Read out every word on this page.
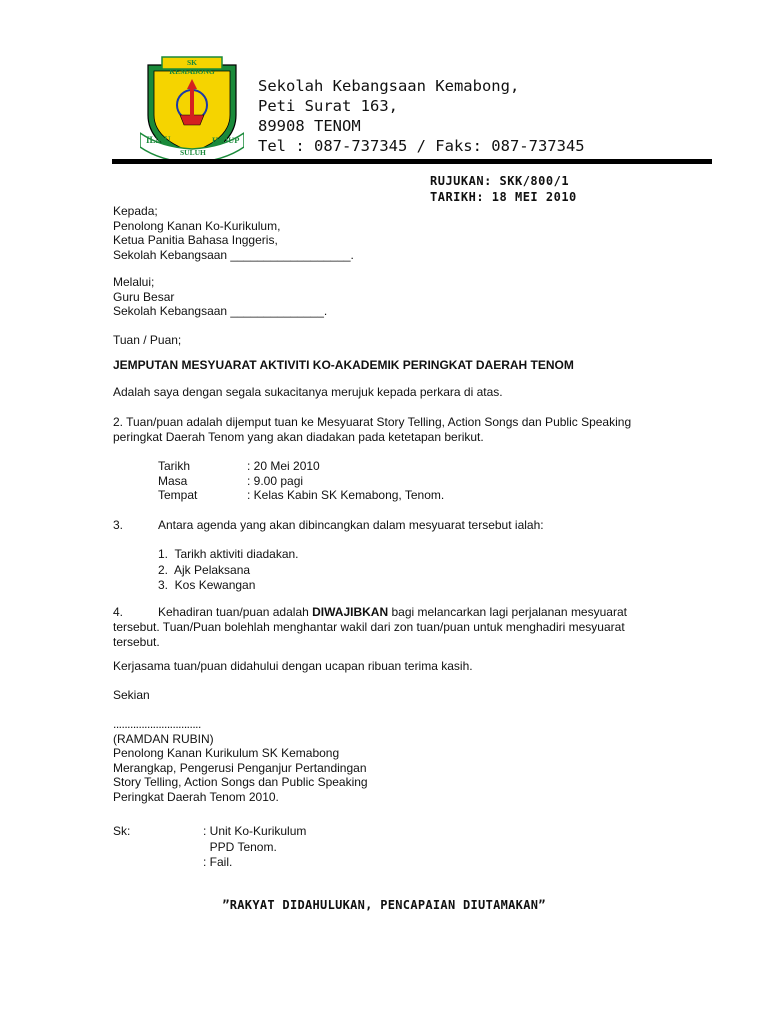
SK KEMABONG
ILMU
SULUH
HIDUP
Sekolah Kebangsaan Kemabong,
Peti Surat 163,
89908 TENOM
Tel : 087-737345 / Faks: 087-737345
RUJUKAN: SKK/800/1
TARIKH: 18 MEI 2010
Kepada;
Penolong Kanan Ko-Kurikulum,
Ketua Panitia Bahasa Inggeris,
Sekolah Kebangsaan __________________.
Melalui;
Guru Besar
Sekolah Kebangsaan ______________.
Tuan / Puan;
JEMPUTAN MESYUARAT AKTIVITI KO-AKADEMIK PERINGKAT DAERAH TENOM
Adalah saya dengan segala sukacitanya merujuk kepada perkara di atas.
2. Tuan/puan adalah dijemput tuan ke Mesyuarat Story Telling, Action Songs dan Public Speaking
peringkat Daerah Tenom yang akan diadakan pada ketetapan berikut.
Tarikh	: 20 Mei 2010
Masa	: 9.00 pagi
Tempat	: Kelas Kabin SK Kemabong, Tenom.
3.	Antara agenda yang akan dibincangkan dalam mesyuarat tersebut ialah:
1.  Tarikh aktiviti diadakan.
2.  Ajk Pelaksana
3.  Kos Kewangan
4.	Kehadiran tuan/puan adalah DIWAJIBKAN bagi melancarkan lagi perjalanan mesyuarat
tersebut. Tuan/Puan bolehlah menghantar wakil dari zon tuan/puan untuk menghadiri mesyuarat
tersebut.
Kerjasama tuan/puan didahului dengan ucapan ribuan terima kasih.
Sekian
...............................
(RAMDAN RUBIN)
Penolong Kanan Kurikulum SK Kemabong
Merangkap, Pengerusi Penganjur Pertandingan
Story Telling, Action Songs dan Public Speaking
Peringkat Daerah Tenom 2010.
Sk:	: Unit Ko-Kurikulum
PPD Tenom.
: Fail.
”RAKYAT DIDAHULUKAN, PENCAPAIAN DIUTAMAKAN”
